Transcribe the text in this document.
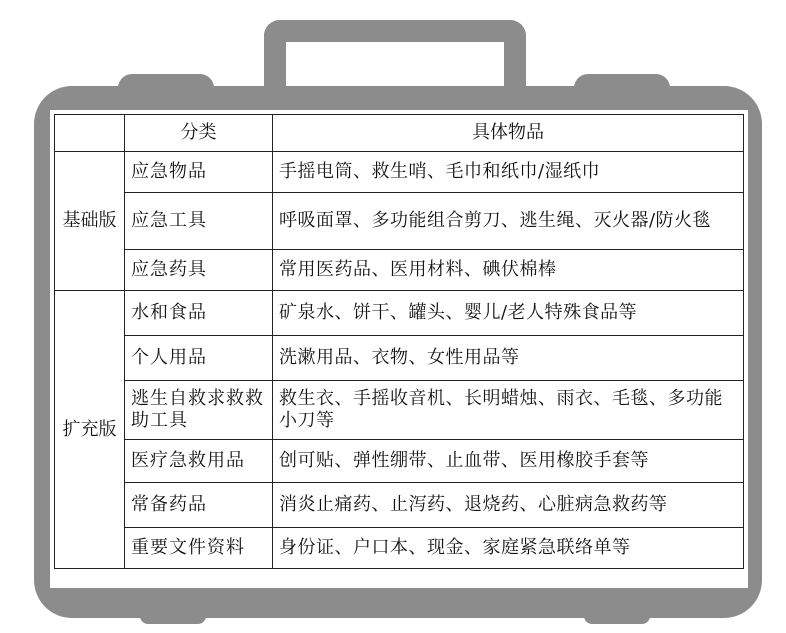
	分类	具体物品
基础版	应急物品	手摇电筒、救生哨、毛巾和纸巾/湿纸巾
	应急工具	呼吸面罩、多功能组合剪刀、逃生绳、灭火器/防火毯
	应急药具	常用医药品、医用材料、碘伏棉棒
扩充版	水和食品	矿泉水、饼干、罐头、婴儿/老人特殊食品等
	个人用品	洗漱用品、衣物、女性用品等
	逃生自救求救救助工具	救生衣、手摇收音机、长明蜡烛、雨衣、毛毯、多功能小刀等
	医疗急救用品	创可贴、弹性绷带、止血带、医用橡胶手套等
	常备药品	消炎止痛药、止泻药、退烧药、心脏病急救药等
	重要文件资料	身份证、户口本、现金、家庭紧急联络单等
